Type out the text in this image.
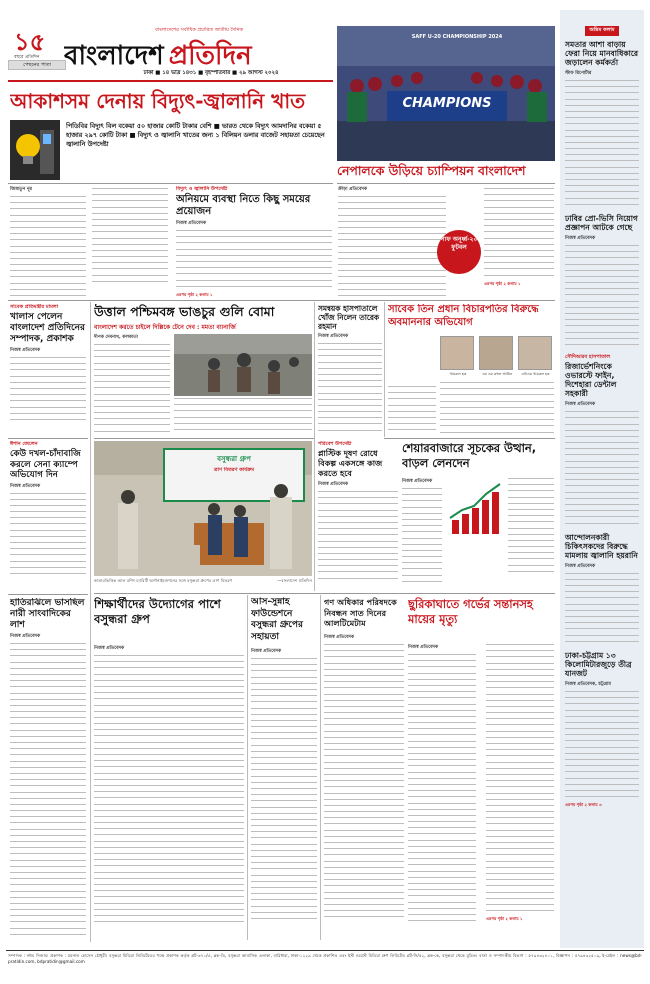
১৫
বছরে প্রতিদিন
পেছনের পাতা
বাংলাদেশের সর্বাধিক প্রচারিত জাতীয় দৈনিক
বাংলাদেশ প্রতিদিন
ঢাকা ■ ১৪ ভাদ্র ১৪৩১ ■ বৃহস্পতিবার ■ ২৯ আগস্ট ২০২৪
আকাশসম দেনায় বিদ্যুৎ-জ্বালানি খাত
পিডিবির বিদ্যুৎ বিল বকেয়া ৫০ হাজার কোটি টাকার বেশি ■ ভারত থেকে বিদ্যুৎ আমদানির বকেয়া ৫ হাজার ২৯৭ কোটি টাকা ■ বিদ্যুৎ ও জ্বালানি খাতের জন্য ১ বিলিয়ন ডলার বাজেট সহায়তা চেয়েছেন জ্বালানি উপদেষ্টা
জিন্নাতুন নূর	বিদ্যুৎ ও জ্বালানি উপদেষ্টা
অনিয়মে ব্যবস্থা নিতে কিছু সময়ের প্রয়োজন
নিজস্ব প্রতিবেদক
এরপর পৃষ্ঠা ২ কলাম ১
SAFF U-20 CHAMPIONSHIP 2024
CHAMPIONS
নেপালকে উড়িয়ে চ্যাম্পিয়ন বাংলাদেশ
ক্রীড়া প্রতিবেদক
সাফ অনূর্ধ্ব-২০ ফুটবল
এরপর পৃষ্ঠা ২ কলাম ১
অন্তিম কলাম
সমতার আশা বাড়ায় ফেরা নিয়ে মানবাধিকারে জড়ালেন কর্মকর্তা
স্টাফ রিপোর্টার
ঢাবির প্রো-ভিসি নিয়োগ প্রজ্ঞাপন আটকে গেছে
নিজস্ব প্রতিবেদক
সৌদিআরব হাসপাতাল
রিজার্ভেশনিংকে ওভারস্টে ফাইন, দিশেহারা ডেন্টাল সহকারী
নিজস্ব প্রতিবেদক
আন্দোলনকারী চিকিৎসকদের বিরুদ্ধে মামলায় জ্বালানি হয়রানি
নিজস্ব প্রতিবেদক
ঢাকা-চট্টগ্রাম ১৩ কিলোমিটারজুড়ে তীব্র যানজট
নিজস্ব প্রতিবেদক, চট্টগ্রাম
এরপর পৃষ্ঠা ২ কলাম ৩
সাবেক প্রতিমন্ত্রীর মামলা
খালাস পেলেন বাংলাদেশ প্রতিদিনের সম্পাদক, প্রকাশক
নিজস্ব প্রতিবেদক
ঈশান জেলেন
কেউ দখল-চাঁদাবাজি করলে সেনা ক্যাম্পে অভিযোগ দিন
নিজস্ব প্রতিবেদক
হাতিরঝিলে ভাসছিল নারী সাংবাদিকের লাশ
নিজস্ব প্রতিবেদক
উত্তাল পশ্চিমবঙ্গ ভাঙচুর গুলি বোমা
বাংলাদেশ করতে চাইলে দিল্লিকে টেনে দেব : মমতা ব্যানার্জি
দীপক দেবনাথ, কলকাতা
সমন্বয়ক হাসপাতালে খোঁজ নিলেন তারেক রহমান
নিজস্ব প্রতিবেদক
সাবেক তিন প্রধান বিচারপতির বিরুদ্ধে অবমাননার অভিযোগ
খায়রুল হক	এম এম রুহুল আমিন	এবিএম খায়রুল হক
বসুন্ধরা গ্রুপ
ত্রাণ বিতরণ কার্যক্রম
কাতারভিত্তিক আল রশিদ চ্যারিটি অর্গানাইজেশনের সঙ্গে বসুন্ধরা গ্রুপের ত্রাণ বিতরণ	—বাংলাদেশ প্রতিদিন
পরিবেশ উপদেষ্টা
প্লাস্টিক দূষণ রোধে বিকল্প একসঙ্গে কাজ করতে হবে
নিজস্ব প্রতিবেদক
শেয়ারবাজারে সূচকের উত্থান, বাড়ল লেনদেন
নিজস্ব প্রতিবেদক
শিক্ষার্থীদের উদ্যোগের পাশে বসুন্ধরা গ্রুপ
নিজস্ব প্রতিবেদক
আস-সুন্নাহ ফাউন্ডেশনে বসুন্ধরা গ্রুপের সহায়তা
নিজস্ব প্রতিবেদক
গণ অধিকার পরিষদকে নিবন্ধন সাত দিনের আলটিমেটাম
নিজস্ব প্রতিবেদক
ছুরিকাঘাতে গর্ভের সন্তানসহ মায়ের মৃত্যু
নিজস্ব প্রতিবেদক
এরপর পৃষ্ঠা ২ কলাম ১
সম্পাদক : নঈম নিজাম। প্রকাশক : ময়নাল হোসেন চৌধুরী। বসুন্ধরা মিডিয়া লিমিটেডের পক্ষে প্রকাশক কর্তৃক প্লট-৩৭১/এ, ব্লক-ডি, বসুন্ধরা আবাসিক এলাকা, বারিধারা, ঢাকা-১২২৯ থেকে প্রকাশিত এবং ইস্ট ওয়েস্ট মিডিয়া গ্রুপ লিমিটেড প্লট-সি/৫২, ব্লক-কে, বসুন্ধরা থেকে মুদ্রিত। বার্তা ও সম্পাদকীয় বিভাগ : ৫৭৯৪৩২৪০১, বিজ্ঞাপন : ৫৭৯৪৩২৫০৯, ই-মেইল : news@bd-pratidin.com, bdpratidin@gmail.com
